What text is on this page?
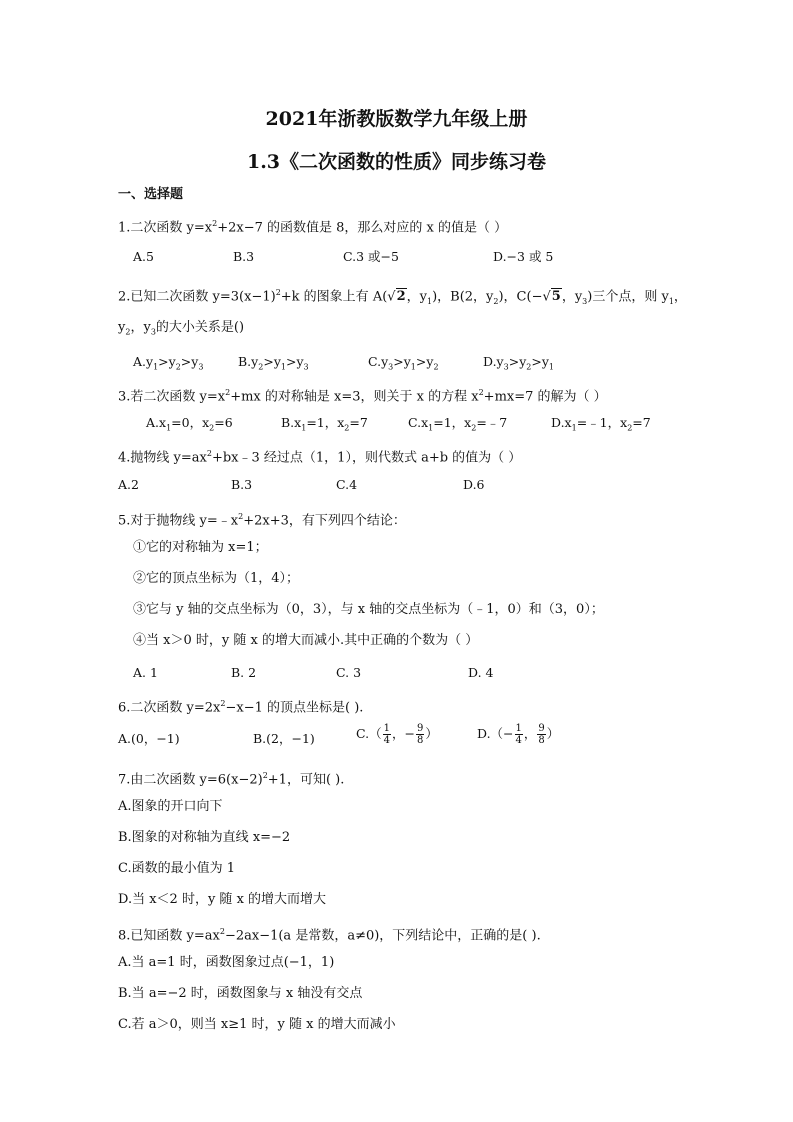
2021年浙教版数学九年级上册
1.3《二次函数的性质》同步练习卷
一、选择题
1.二次函数 $y=x^2+2x-7$ 的函数值是 8，那么对应的 x 的值是（ ）
A.5	B.3	C.3 或−5	D.−3 或 5
2.已知二次函数 $y=3(x-1)^2+k$ 的图象上有 A(√2，$y_1$)，B(2，$y_2$)，C(−√5，$y_3$)三个点，则 $y_1$，
$y_2$，$y_3$的大小关系是()
$A.y_1>y_2>y_3$	$B.y_2>y_1>y_3$	$C.y_3>y_1>y_2$	$D.y_3>y_2>y_1$
3.若二次函数 $y=x^2+mx$ 的对称轴是 x=3，则关于 x 的方程 $x^2+mx=7$ 的解为（ ）
$A.x_1=0$，$x_2=6$	$B.x_1=1$，$x_2=7$	$C.x_1=1$，$x_2=﹣7$	$D.x_1=﹣1$，$x_2=7$
4.抛物线 $y=ax^2+bx﹣3$ 经过点（1，1），则代数式 a+b 的值为（ ）
A.2	B.3	C.4	D.6
5.对于抛物线 $y=﹣x^2+2x+3$，有下列四个结论：
①它的对称轴为 x=1；
②它的顶点坐标为（1，4）；
③它与 y 轴的交点坐标为（0，3），与 x 轴的交点坐标为（﹣1，0）和（3，0）；
④当 x＞0 时，y 随 x 的增大而减小.其中正确的个数为（ ）
A. 1	B. 2	C. 3	D. 4
6.二次函数 $y=2x^2-x-1$ 的顶点坐标是( ).
A.(0，−1)	B.(2，−1)	$C.( \frac{1}{4}$ ，− $\frac{9}{8}$ ）	$D.(- \frac{1}{4}$ ， $\frac{9}{8}$ ）
7.由二次函数 $y=6(x-2)^2+1$，可知( ).
A.图象的开口向下
B.图象的对称轴为直线 x=−2
C.函数的最小值为 1
D.当 x＜2 时，y 随 x 的增大而增大
8.已知函数 $y=ax^2-2ax-1(a$ 是常数，a≠0)，下列结论中，正确的是( ).
A.当 a=1 时，函数图象过点(−1，1)
B.当 a=−2 时，函数图象与 x 轴没有交点
C.若 a＞0，则当 x≥1 时，y 随 x 的增大而减小
